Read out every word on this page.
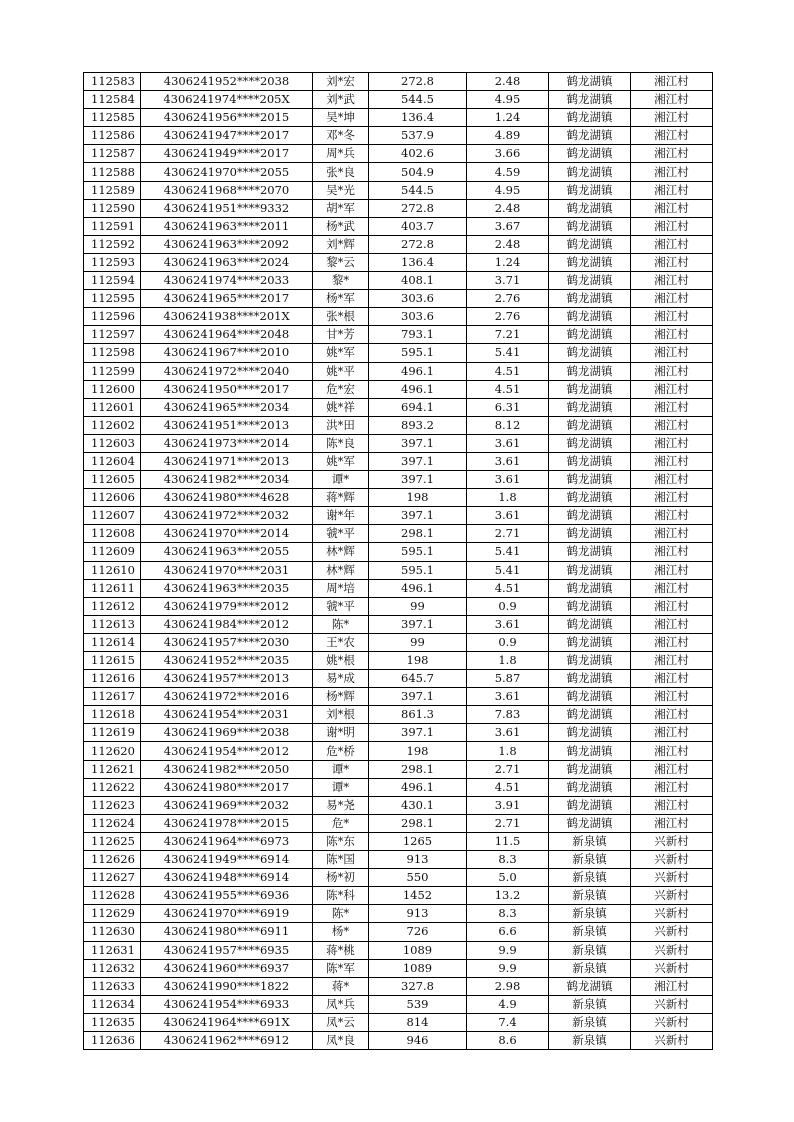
112583	4306241952****2038	刘*宏	272.8	2.48	鹤龙湖镇	湘江村
112584	4306241974****205X	刘*武	544.5	4.95	鹤龙湖镇	湘江村
112585	4306241956****2015	吴*坤	136.4	1.24	鹤龙湖镇	湘江村
112586	4306241947****2017	邓*冬	537.9	4.89	鹤龙湖镇	湘江村
112587	4306241949****2017	周*兵	402.6	3.66	鹤龙湖镇	湘江村
112588	4306241970****2055	张*良	504.9	4.59	鹤龙湖镇	湘江村
112589	4306241968****2070	吴*光	544.5	4.95	鹤龙湖镇	湘江村
112590	4306241951****9332	胡*军	272.8	2.48	鹤龙湖镇	湘江村
112591	4306241963****2011	杨*武	403.7	3.67	鹤龙湖镇	湘江村
112592	4306241963****2092	刘*辉	272.8	2.48	鹤龙湖镇	湘江村
112593	4306241963****2024	黎*云	136.4	1.24	鹤龙湖镇	湘江村
112594	4306241974****2033	黎*	408.1	3.71	鹤龙湖镇	湘江村
112595	4306241965****2017	杨*军	303.6	2.76	鹤龙湖镇	湘江村
112596	4306241938****201X	张*根	303.6	2.76	鹤龙湖镇	湘江村
112597	4306241964****2048	甘*芳	793.1	7.21	鹤龙湖镇	湘江村
112598	4306241967****2010	姚*军	595.1	5.41	鹤龙湖镇	湘江村
112599	4306241972****2040	姚*平	496.1	4.51	鹤龙湖镇	湘江村
112600	4306241950****2017	危*宏	496.1	4.51	鹤龙湖镇	湘江村
112601	4306241965****2034	姚*祥	694.1	6.31	鹤龙湖镇	湘江村
112602	4306241951****2013	洪*田	893.2	8.12	鹤龙湖镇	湘江村
112603	4306241973****2014	陈*良	397.1	3.61	鹤龙湖镇	湘江村
112604	4306241971****2013	姚*军	397.1	3.61	鹤龙湖镇	湘江村
112605	4306241982****2034	谭*	397.1	3.61	鹤龙湖镇	湘江村
112606	4306241980****4628	蒋*辉	198	1.8	鹤龙湖镇	湘江村
112607	4306241972****2032	谢*年	397.1	3.61	鹤龙湖镇	湘江村
112608	4306241970****2014	虢*平	298.1	2.71	鹤龙湖镇	湘江村
112609	4306241963****2055	林*辉	595.1	5.41	鹤龙湖镇	湘江村
112610	4306241970****2031	林*辉	595.1	5.41	鹤龙湖镇	湘江村
112611	4306241963****2035	周*培	496.1	4.51	鹤龙湖镇	湘江村
112612	4306241979****2012	虢*平	99	0.9	鹤龙湖镇	湘江村
112613	4306241984****2012	陈*	397.1	3.61	鹤龙湖镇	湘江村
112614	4306241957****2030	王*农	99	0.9	鹤龙湖镇	湘江村
112615	4306241952****2035	姚*根	198	1.8	鹤龙湖镇	湘江村
112616	4306241957****2013	易*成	645.7	5.87	鹤龙湖镇	湘江村
112617	4306241972****2016	杨*辉	397.1	3.61	鹤龙湖镇	湘江村
112618	4306241954****2031	刘*根	861.3	7.83	鹤龙湖镇	湘江村
112619	4306241969****2038	谢*明	397.1	3.61	鹤龙湖镇	湘江村
112620	4306241954****2012	危*桥	198	1.8	鹤龙湖镇	湘江村
112621	4306241982****2050	谭*	298.1	2.71	鹤龙湖镇	湘江村
112622	4306241980****2017	谭*	496.1	4.51	鹤龙湖镇	湘江村
112623	4306241969****2032	易*尧	430.1	3.91	鹤龙湖镇	湘江村
112624	4306241978****2015	危*	298.1	2.71	鹤龙湖镇	湘江村
112625	4306241964****6973	陈*东	1265	11.5	新泉镇	兴新村
112626	4306241949****6914	陈*国	913	8.3	新泉镇	兴新村
112627	4306241948****6914	杨*初	550	5.0	新泉镇	兴新村
112628	4306241955****6936	陈*科	1452	13.2	新泉镇	兴新村
112629	4306241970****6919	陈*	913	8.3	新泉镇	兴新村
112630	4306241980****6911	杨*	726	6.6	新泉镇	兴新村
112631	4306241957****6935	蒋*桃	1089	9.9	新泉镇	兴新村
112632	4306241960****6937	陈*军	1089	9.9	新泉镇	兴新村
112633	4306241990****1822	蒋*	327.8	2.98	鹤龙湖镇	湘江村
112634	4306241954****6933	凤*兵	539	4.9	新泉镇	兴新村
112635	4306241964****691X	凤*云	814	7.4	新泉镇	兴新村
112636	4306241962****6912	凤*良	946	8.6	新泉镇	兴新村
